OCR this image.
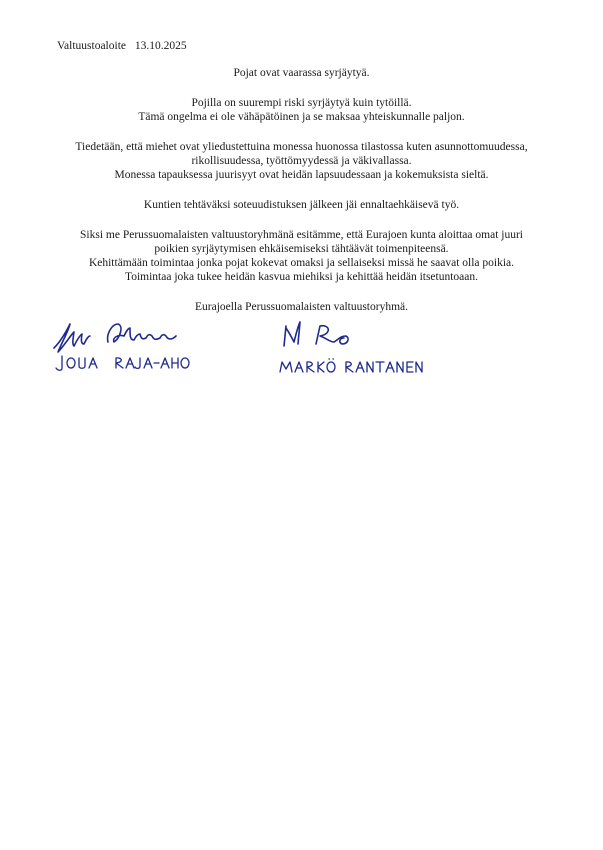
Valtuustoaloite 13.10.2025

Pojat ovat vaarassa syrjäytyä.

Pojilla on suurempi riski syrjäytyä kuin tytöillä.
Tämä ongelma ei ole vähäpätöinen ja se maksaa yhteiskunnalle paljon.

Tiedetään, että miehet ovat yliedustettuina monessa huonossa tilastossa kuten asunnottomuudessa,
rikollisuudessa, työttömyydessä ja väkivallassa.
Monessa tapauksessa juurisyyt ovat heidän lapsuudessaan ja kokemuksista sieltä.

Kuntien tehtäväksi soteuudistuksen jälkeen jäi ennaltaehkäisevä työ.

Siksi me Perussuomalaisten valtuustoryhmänä esitämme, että Eurajoen kunta aloittaa omat juuri
poikien syrjäytymisen ehkäisemiseksi tähtäävät toimenpiteensä.
Kehittämään toimintaa jonka pojat kokevat omaksi ja sellaiseksi missä he saavat olla poikia.
Toimintaa joka tukee heidän kasvua miehiksi ja kehittää heidän itsetuntoaan.

Eurajoella Perussuomalaisten valtuustoryhmä.
